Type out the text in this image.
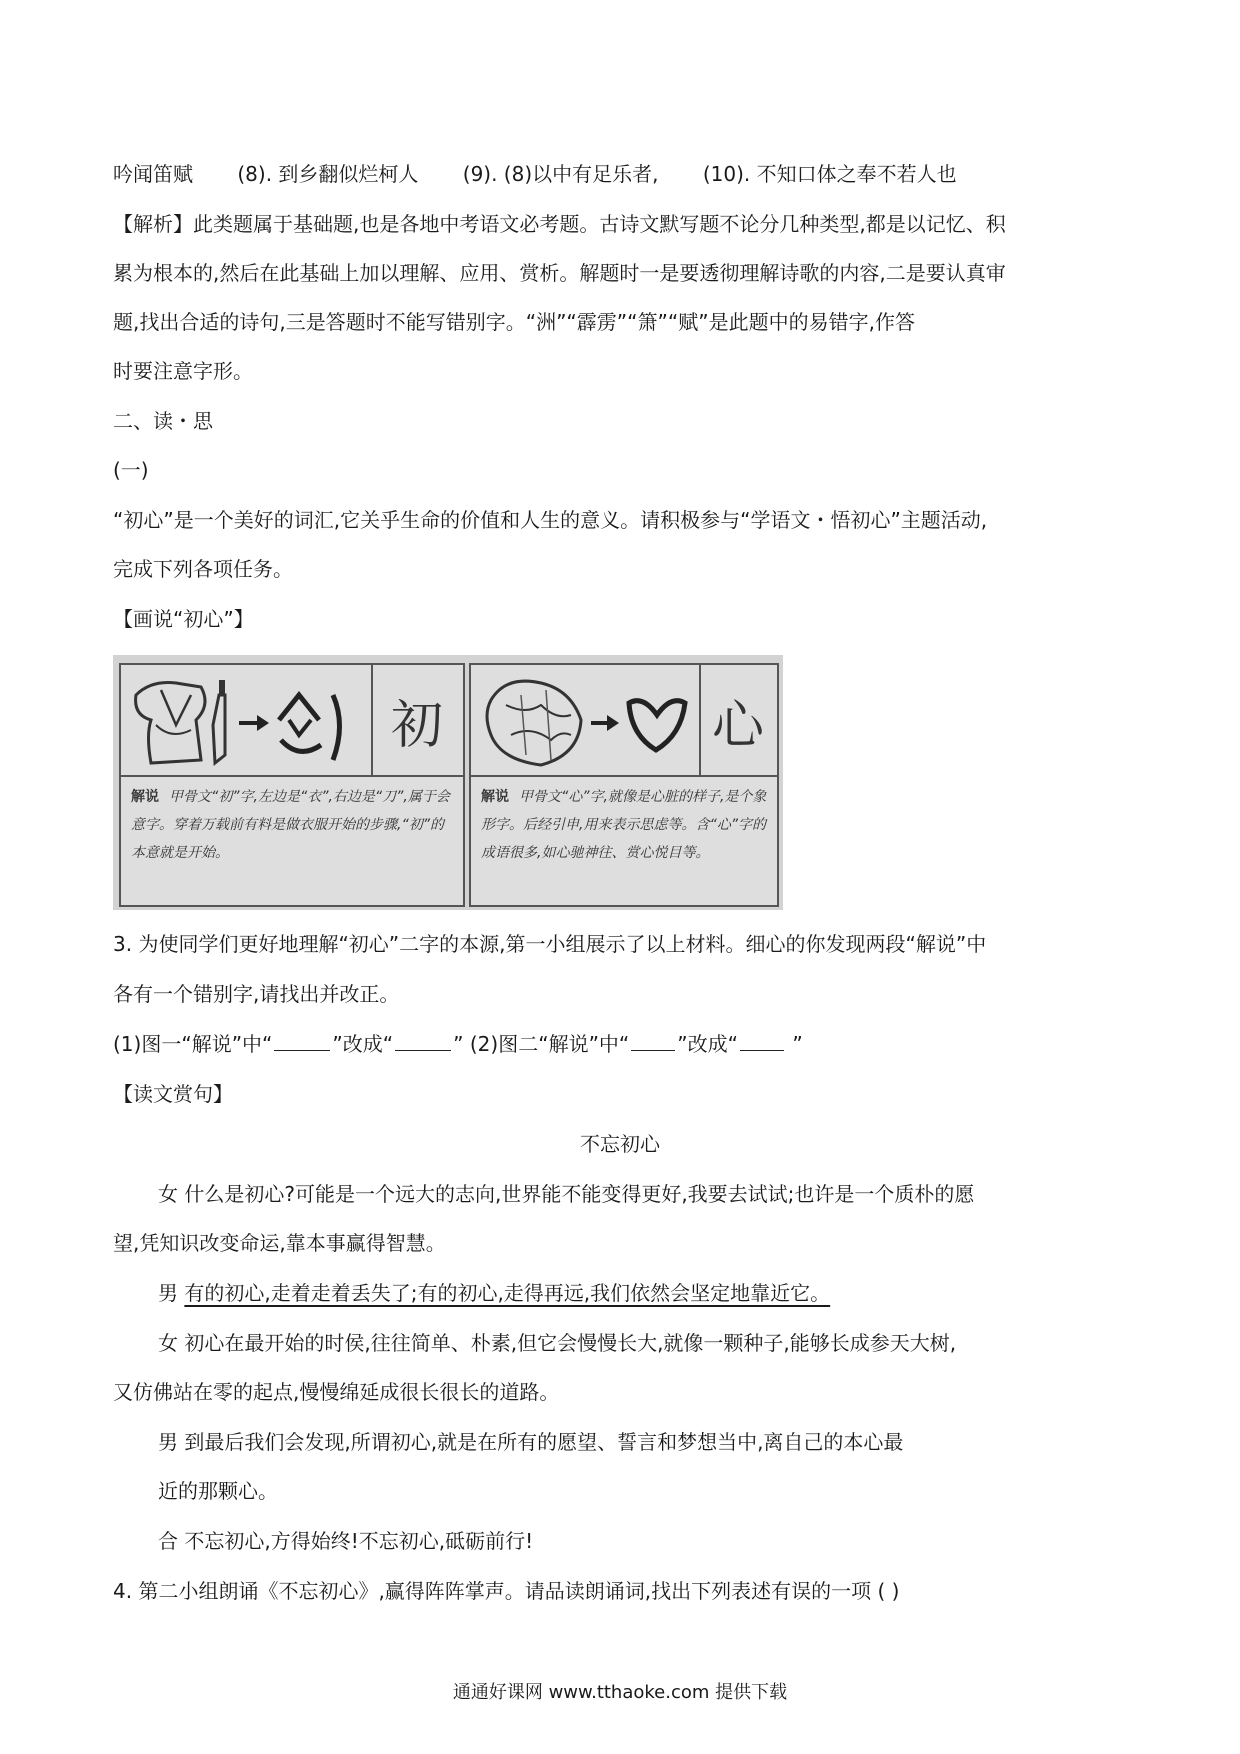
吟闻笛赋 (8). 到乡翻似烂柯人 (9). (8)以中有足乐者, (10). 不知口体之奉不若人也
【解析】此类题属于基础题,也是各地中考语文必考题。古诗文默写题不论分几种类型,都是以记忆、积
累为根本的,然后在此基础上加以理解、应用、赏析。解题时一是要透彻理解诗歌的内容,二是要认真审
题,找出合适的诗句,三是答题时不能写错别字。“洲”“霹雳”“箫”“赋”是此题中的易错字,作答
时要注意字形。
二、读・思
(一)
“初心”是一个美好的词汇,它关乎生命的价值和人生的意义。请积极参与“学语文・悟初心”主题活动,
完成下列各项任务。
【画说“初心”】
初
解说 甲骨文“初”字,左边是“衣”,右边是“刀”,属于会意字。穿着万载前有料是做衣服开始的步骤,“初”的本意就是开始。
心
解说 甲骨文“心”字,就像是心脏的样子,是个象形字。后经引申,用来表示思虑等。含“心”字的成语很多,如心驰神往、赏心悦目等。
3. 为使同学们更好地理解“初心”二字的本源,第一小组展示了以上材料。细心的你发现两段“解说”中
各有一个错别字,请找出并改正。
(1)图一“解说”中“	”改成“	” (2)图二“解说”中“ ”改成“ ”
【读文赏句】
不忘初心
女 什么是初心?可能是一个远大的志向,世界能不能变得更好,我要去试试;也许是一个质朴的愿
望,凭知识改变命运,靠本事赢得智慧。
男 有的初心,走着走着丢失了;有的初心,走得再远,我们依然会坚定地靠近它。
女 初心在最开始的时侯,往往简单、朴素,但它会慢慢长大,就像一颗种子,能够长成参天大树,
又仿佛站在零的起点,慢慢绵延成很长很长的道路。
男 到最后我们会发现,所谓初心,就是在所有的愿望、誓言和梦想当中,离自己的本心最
近的那颗心。
合 不忘初心,方得始终!不忘初心,砥砺前行!
4. 第二小组朗诵《不忘初心》,赢得阵阵掌声。请品读朗诵词,找出下列表述有误的一项 ( )
通通好课网 www.tthaoke.com 提供下载
